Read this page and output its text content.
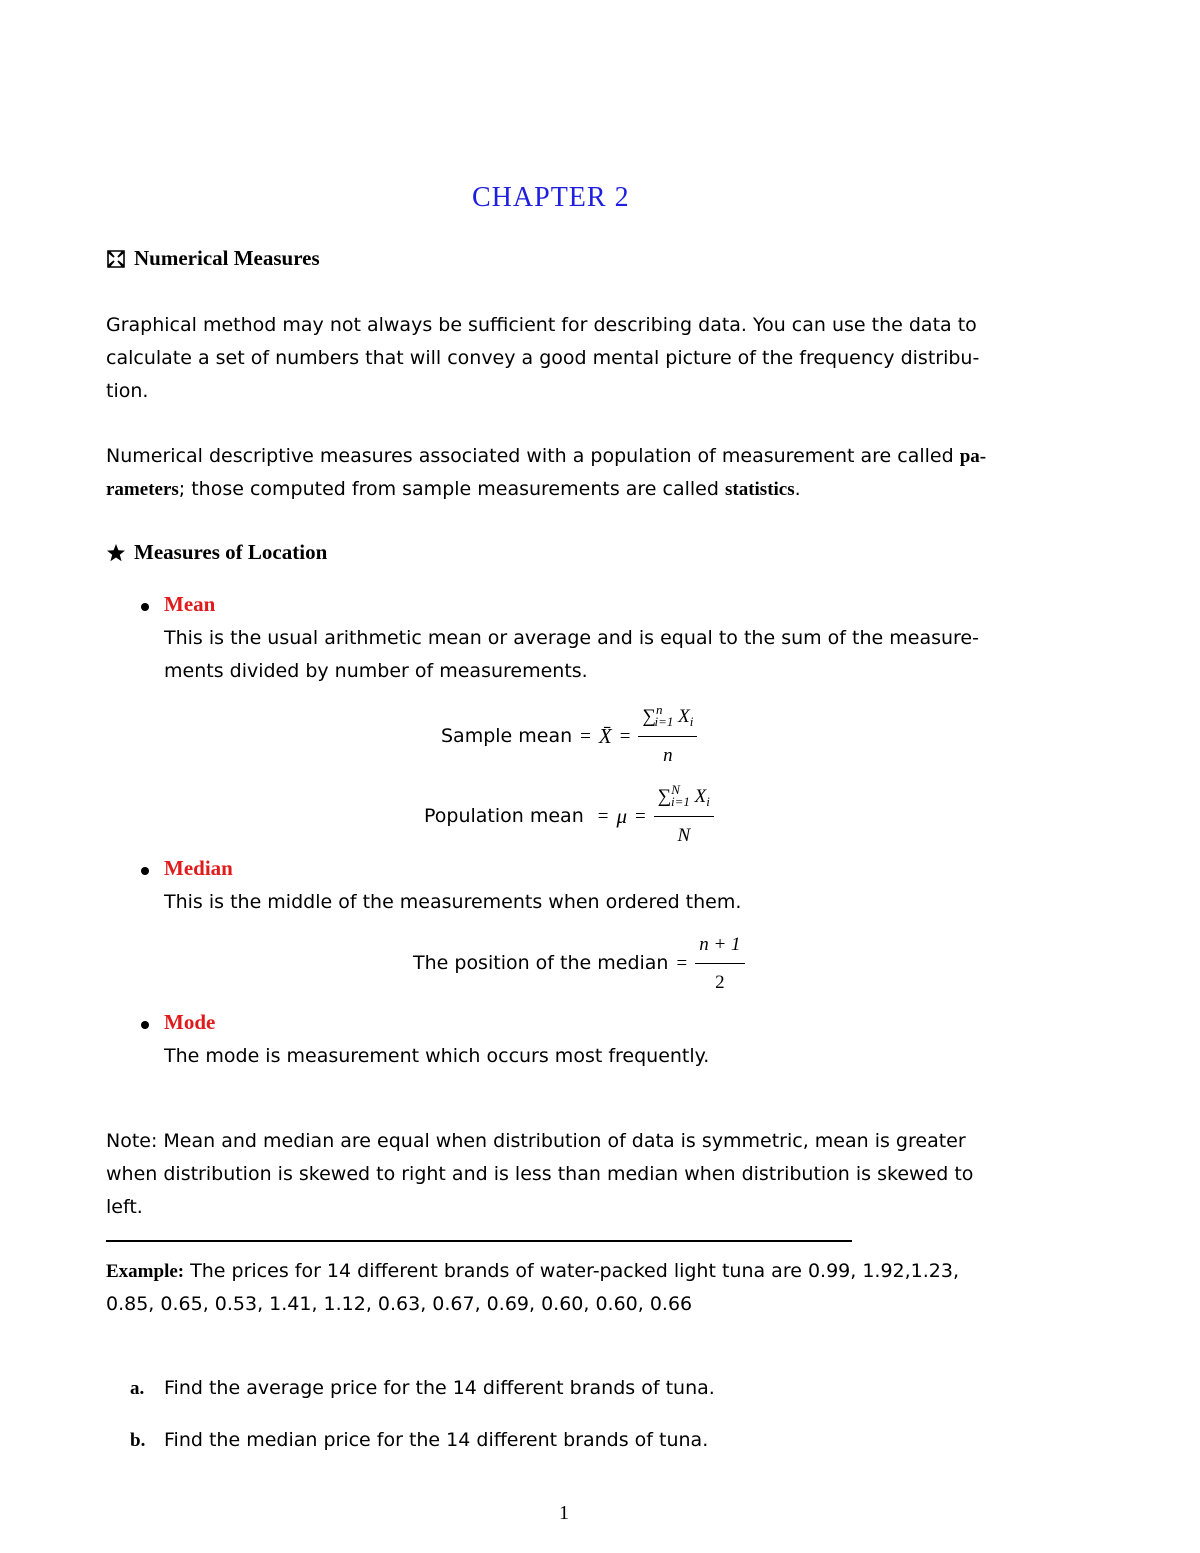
CHAPTER 2
Numerical Measures
Graphical method may not always be sufficient for describing data. You can use the data to
calculate a set of numbers that will convey a good mental picture of the frequency distribu-
tion.
Numerical descriptive measures associated with a population of measurement are called pa-
rameters; those computed from sample measurements are called statistics.
Measures of Location
Mean
This is the usual arithmetic mean or average and is equal to the sum of the measure-
ments divided by number of measurements.
Sample mean = X̄ = $\frac{\sum^n_{i=1} X_i}{n}$
Population mean = $\mu = \frac{\sum^N_{i=1} X_i}{N}$
Median
This is the middle of the measurements when ordered them.
The position of the median = $\frac{n + 1}{2}$
Mode
The mode is measurement which occurs most frequently.
Note: Mean and median are equal when distribution of data is symmetric, mean is greater
when distribution is skewed to right and is less than median when distribution is skewed to
left.
Example: The prices for 14 different brands of water-packed light tuna are 0.99, 1.92,1.23,
0.85, 0.65, 0.53, 1.41, 1.12, 0.63, 0.67, 0.69, 0.60, 0.60, 0.66
a. Find the average price for the 14 different brands of tuna.
b. Find the median price for the 14 different brands of tuna.
1
